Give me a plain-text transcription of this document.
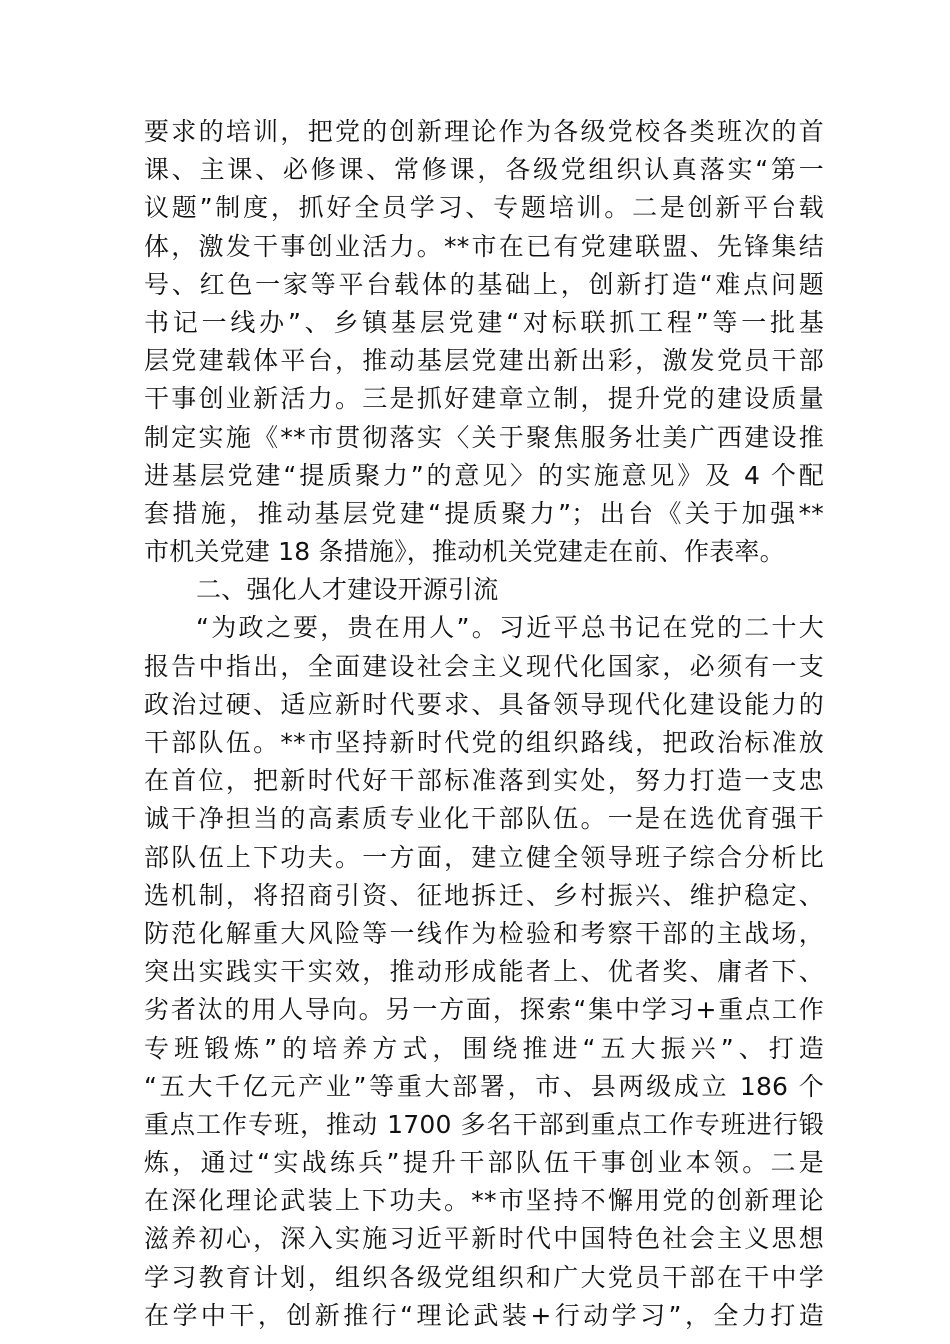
要求的培训，把党的创新理论作为各级党校各类班次的首
课、主课、必修课、常修课，各级党组织认真落实“第一
议题”制度，抓好全员学习、专题培训。二是创新平台载
体，激发干事创业活力。**市在已有党建联盟、先锋集结
号、红色一家等平台载体的基础上，创新打造“难点问题
书记一线办”、乡镇基层党建“对标联抓工程”等一批基
层党建载体平台，推动基层党建出新出彩，激发党员干部
干事创业新活力。三是抓好建章立制，提升党的建设质量
制定实施《**市贯彻落实〈关于聚焦服务壮美广西建设推
进基层党建“提质聚力”的意见〉的实施意见》及 4 个配
套措施，推动基层党建“提质聚力”；出台《关于加强**
市机关党建 18 条措施》，推动机关党建走在前、作表率。
二、强化人才建设开源引流
“为政之要，贵在用人”。习近平总书记在党的二十大
报告中指出，全面建设社会主义现代化国家，必须有一支
政治过硬、适应新时代要求、具备领导现代化建设能力的
干部队伍。**市坚持新时代党的组织路线，把政治标准放
在首位，把新时代好干部标准落到实处，努力打造一支忠
诚干净担当的高素质专业化干部队伍。一是在选优育强干
部队伍上下功夫。一方面，建立健全领导班子综合分析比
选机制，将招商引资、征地拆迁、乡村振兴、维护稳定、
防范化解重大风险等一线作为检验和考察干部的主战场，
突出实践实干实效，推动形成能者上、优者奖、庸者下、
劣者汰的用人导向。另一方面，探索“集中学习+重点工作
专班锻炼”的培养方式，围绕推进“五大振兴”、打造
“五大千亿元产业”等重大部署，市、县两级成立 186 个
重点工作专班，推动 1700 多名干部到重点工作专班进行锻
炼，通过“实战练兵”提升干部队伍干事创业本领。二是
在深化理论武装上下功夫。**市坚持不懈用党的创新理论
滋养初心，深入实施习近平新时代中国特色社会主义思想
学习教育计划，组织各级党组织和广大党员干部在干中学
在学中干，创新推行“理论武装+行动学习”，全力打造
